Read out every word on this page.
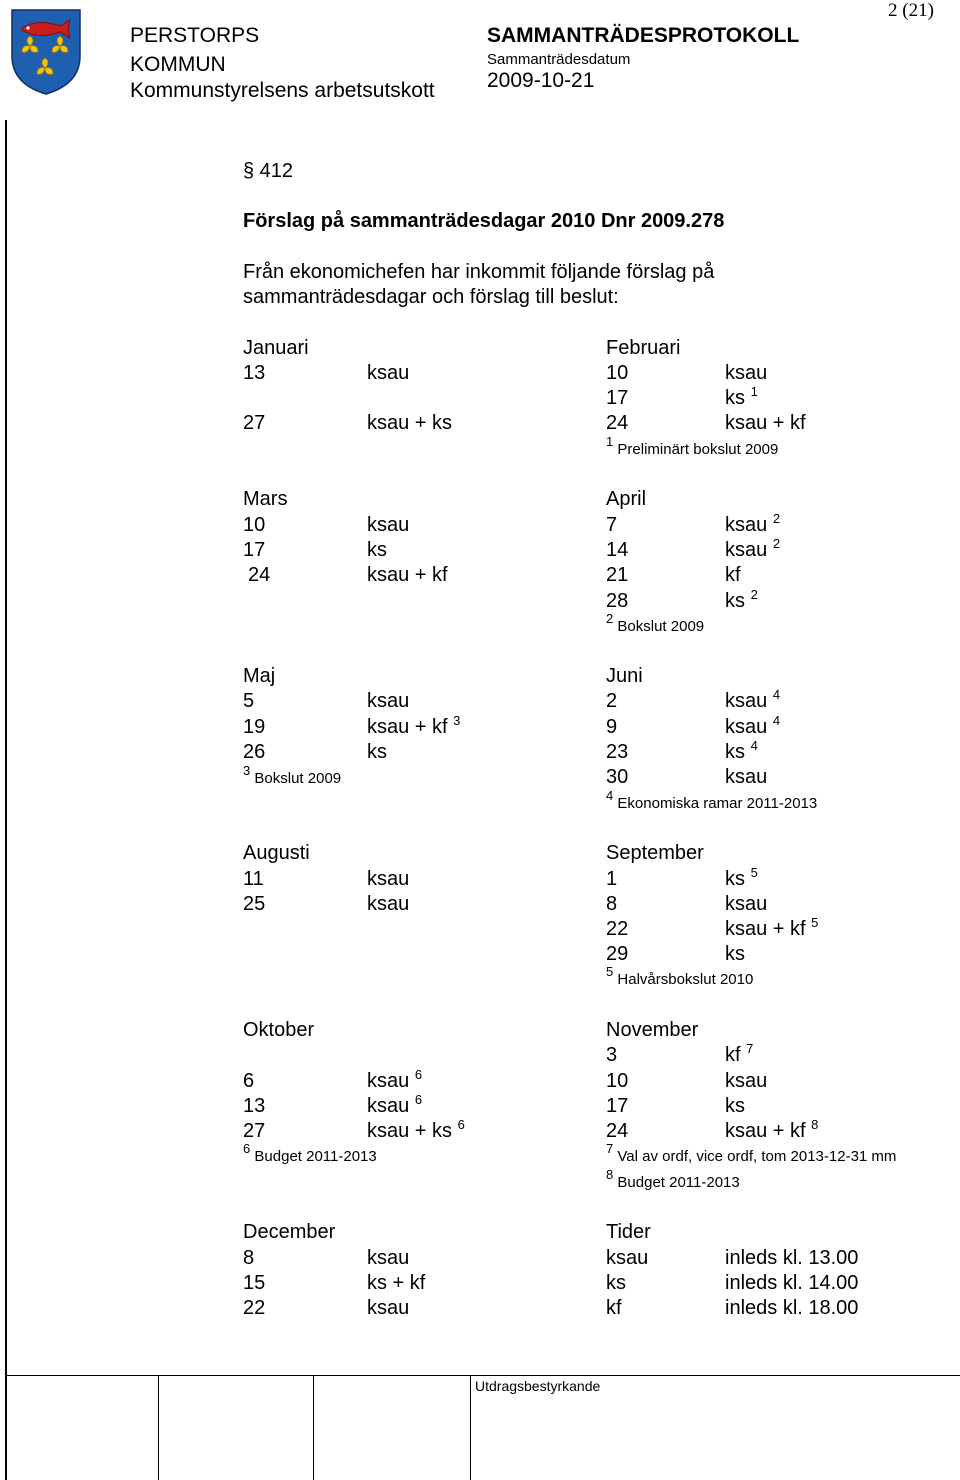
PERSTORPS
KOMMUN
Kommunstyrelsens arbetsutskott
SAMMANTRÄDESPROTOKOLL
Sammanträdesdatum
2009-10-21
2 (21)
Utdragsbestyrkande
§ 412
Förslag på sammanträdesdagar 2010 Dnr 2009.278
Från ekonomichefen har inkommit följande förslag på
sammanträdesdagar och förslag till beslut:
Januari
13	ksau
27	ksau + ks
Februari
10	ksau
17	ks $^1$
24	ksau + kf
$^1$ Preliminärt bokslut 2009
Mars
10	ksau
17	ks
24	ksau + kf
April
7	ksau $^2$
14	ksau $^2$
21	kf
28	ks $^2$
$^2$ Bokslut 2009
Maj
5	ksau
19	ksau + kf $^3$
26	ks
$^3$ Bokslut 2009
Juni
2	ksau $^4$
9	ksau $^4$
23	ks $^4$
30	ksau
$^4$ Ekonomiska ramar 2011-2013
Augusti
11	ksau
25	ksau
September
1	ks $^5$
8	ksau
22	ksau + kf $^5$
29	ks
$^5$ Halvårsbokslut 2010
Oktober
6	ksau $^6$
13	ksau $^6$
27	ksau + ks $^6$
$^6$ Budget 2011-2013
November
3	kf $^7$
10	ksau
17	ks
24	ksau + kf $^8$
$^7$ Val av ordf, vice ordf, tom 2013-12-31 mm
$^8$ Budget 2011-2013
December
8	ksau
15	ks + kf
22	ksau
Tider
ksau	inleds kl. 13.00
ks	inleds kl. 14.00
kf	inleds kl. 18.00
